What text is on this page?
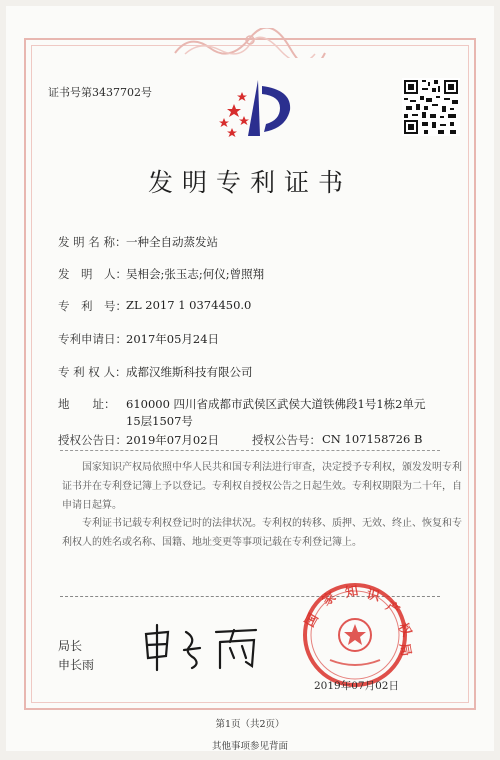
证书号第3437702号
发明专利证书
发 明 名 称： 一种全自动蒸发站
发　明　人： 吴相会;张玉志;何仪;曾照翔
专　利　号： ZL 2017 1 0374450.0
专利申请日： 2017年05月24日
专 利 权 人： 成都汉维斯科技有限公司
地　　址： 610000 四川省成都市武侯区武侯大道铁佛段1号1栋2单元
15层1507号
授权公告日： 2019年07月02日	授权公告号： CN 107158726 B
国家知识产权局依照中华人民共和国专利法进行审查，决定授予专利权，颁发发明专利证书并在专利登记簿上予以登记。专利权自授权公告之日起生效。专利权期限为二十年，自申请日起算。
专利证书记载专利权登记时的法律状况。专利权的转移、质押、无效、终止、恢复和专利权人的姓名或名称、国籍、地址变更等事项记载在专利登记簿上。
局长
申长雨
国
家 知 识
产
权
局
2019年07月02日
第1页（共2页）
其他事项参见背面
